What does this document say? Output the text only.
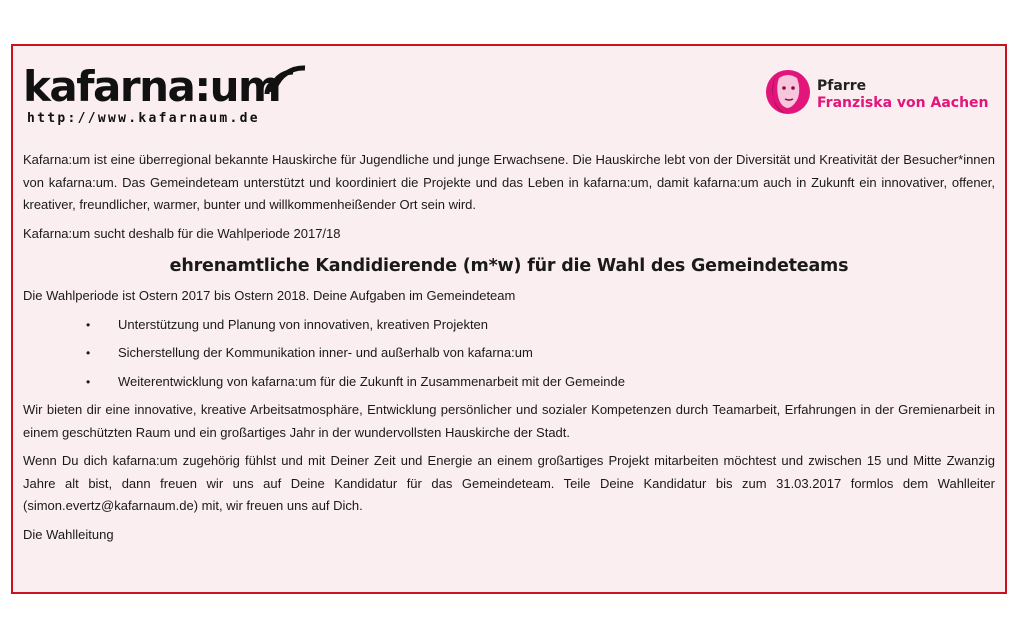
kafarna:um
http://www.kafarnaum.de
Pfarre
Franziska von Aachen

Kafarna:um ist eine überregional bekannte Hauskirche für Jugendliche und junge Erwachsene. Die Hauskirche lebt von der Diversität und Kreativität der Besucher*innen von kafarna:um. Das Gemeindeteam unterstützt und koordiniert die Projekte und das Leben in kafarna:um, damit kafarna:um auch in Zukunft ein innovativer, offener, kreativer, freundlicher, warmer, bunter und willkommenheißender Ort sein wird.

Kafarna:um sucht deshalb für die Wahlperiode 2017/18

ehrenamtliche Kandidierende (m*w) für die Wahl des Gemeindeteams

Die Wahlperiode ist Ostern 2017 bis Ostern 2018. Deine Aufgaben im Gemeindeteam

• Unterstützung und Planung von innovativen, kreativen Projekten
• Sicherstellung der Kommunikation inner- und außerhalb von kafarna:um
• Weiterentwicklung von kafarna:um für die Zukunft in Zusammenarbeit mit der Gemeinde

Wir bieten dir eine innovative, kreative Arbeitsatmosphäre, Entwicklung persönlicher und sozialer Kompetenzen durch Teamarbeit, Erfahrungen in der Gremienarbeit in einem geschützten Raum und ein großartiges Jahr in der wundervollsten Hauskirche der Stadt.

Wenn Du dich kafarna:um zugehörig fühlst und mit Deiner Zeit und Energie an einem großartiges Projekt mitarbeiten möchtest und zwischen 15 und Mitte Zwanzig Jahre alt bist, dann freuen wir uns auf Deine Kandidatur für das Gemeindeteam. Teile Deine Kandidatur bis zum 31.03.2017 formlos dem Wahlleiter (simon.evertz@kafarnaum.de) mit, wir freuen uns auf Dich.

Die Wahlleitung
